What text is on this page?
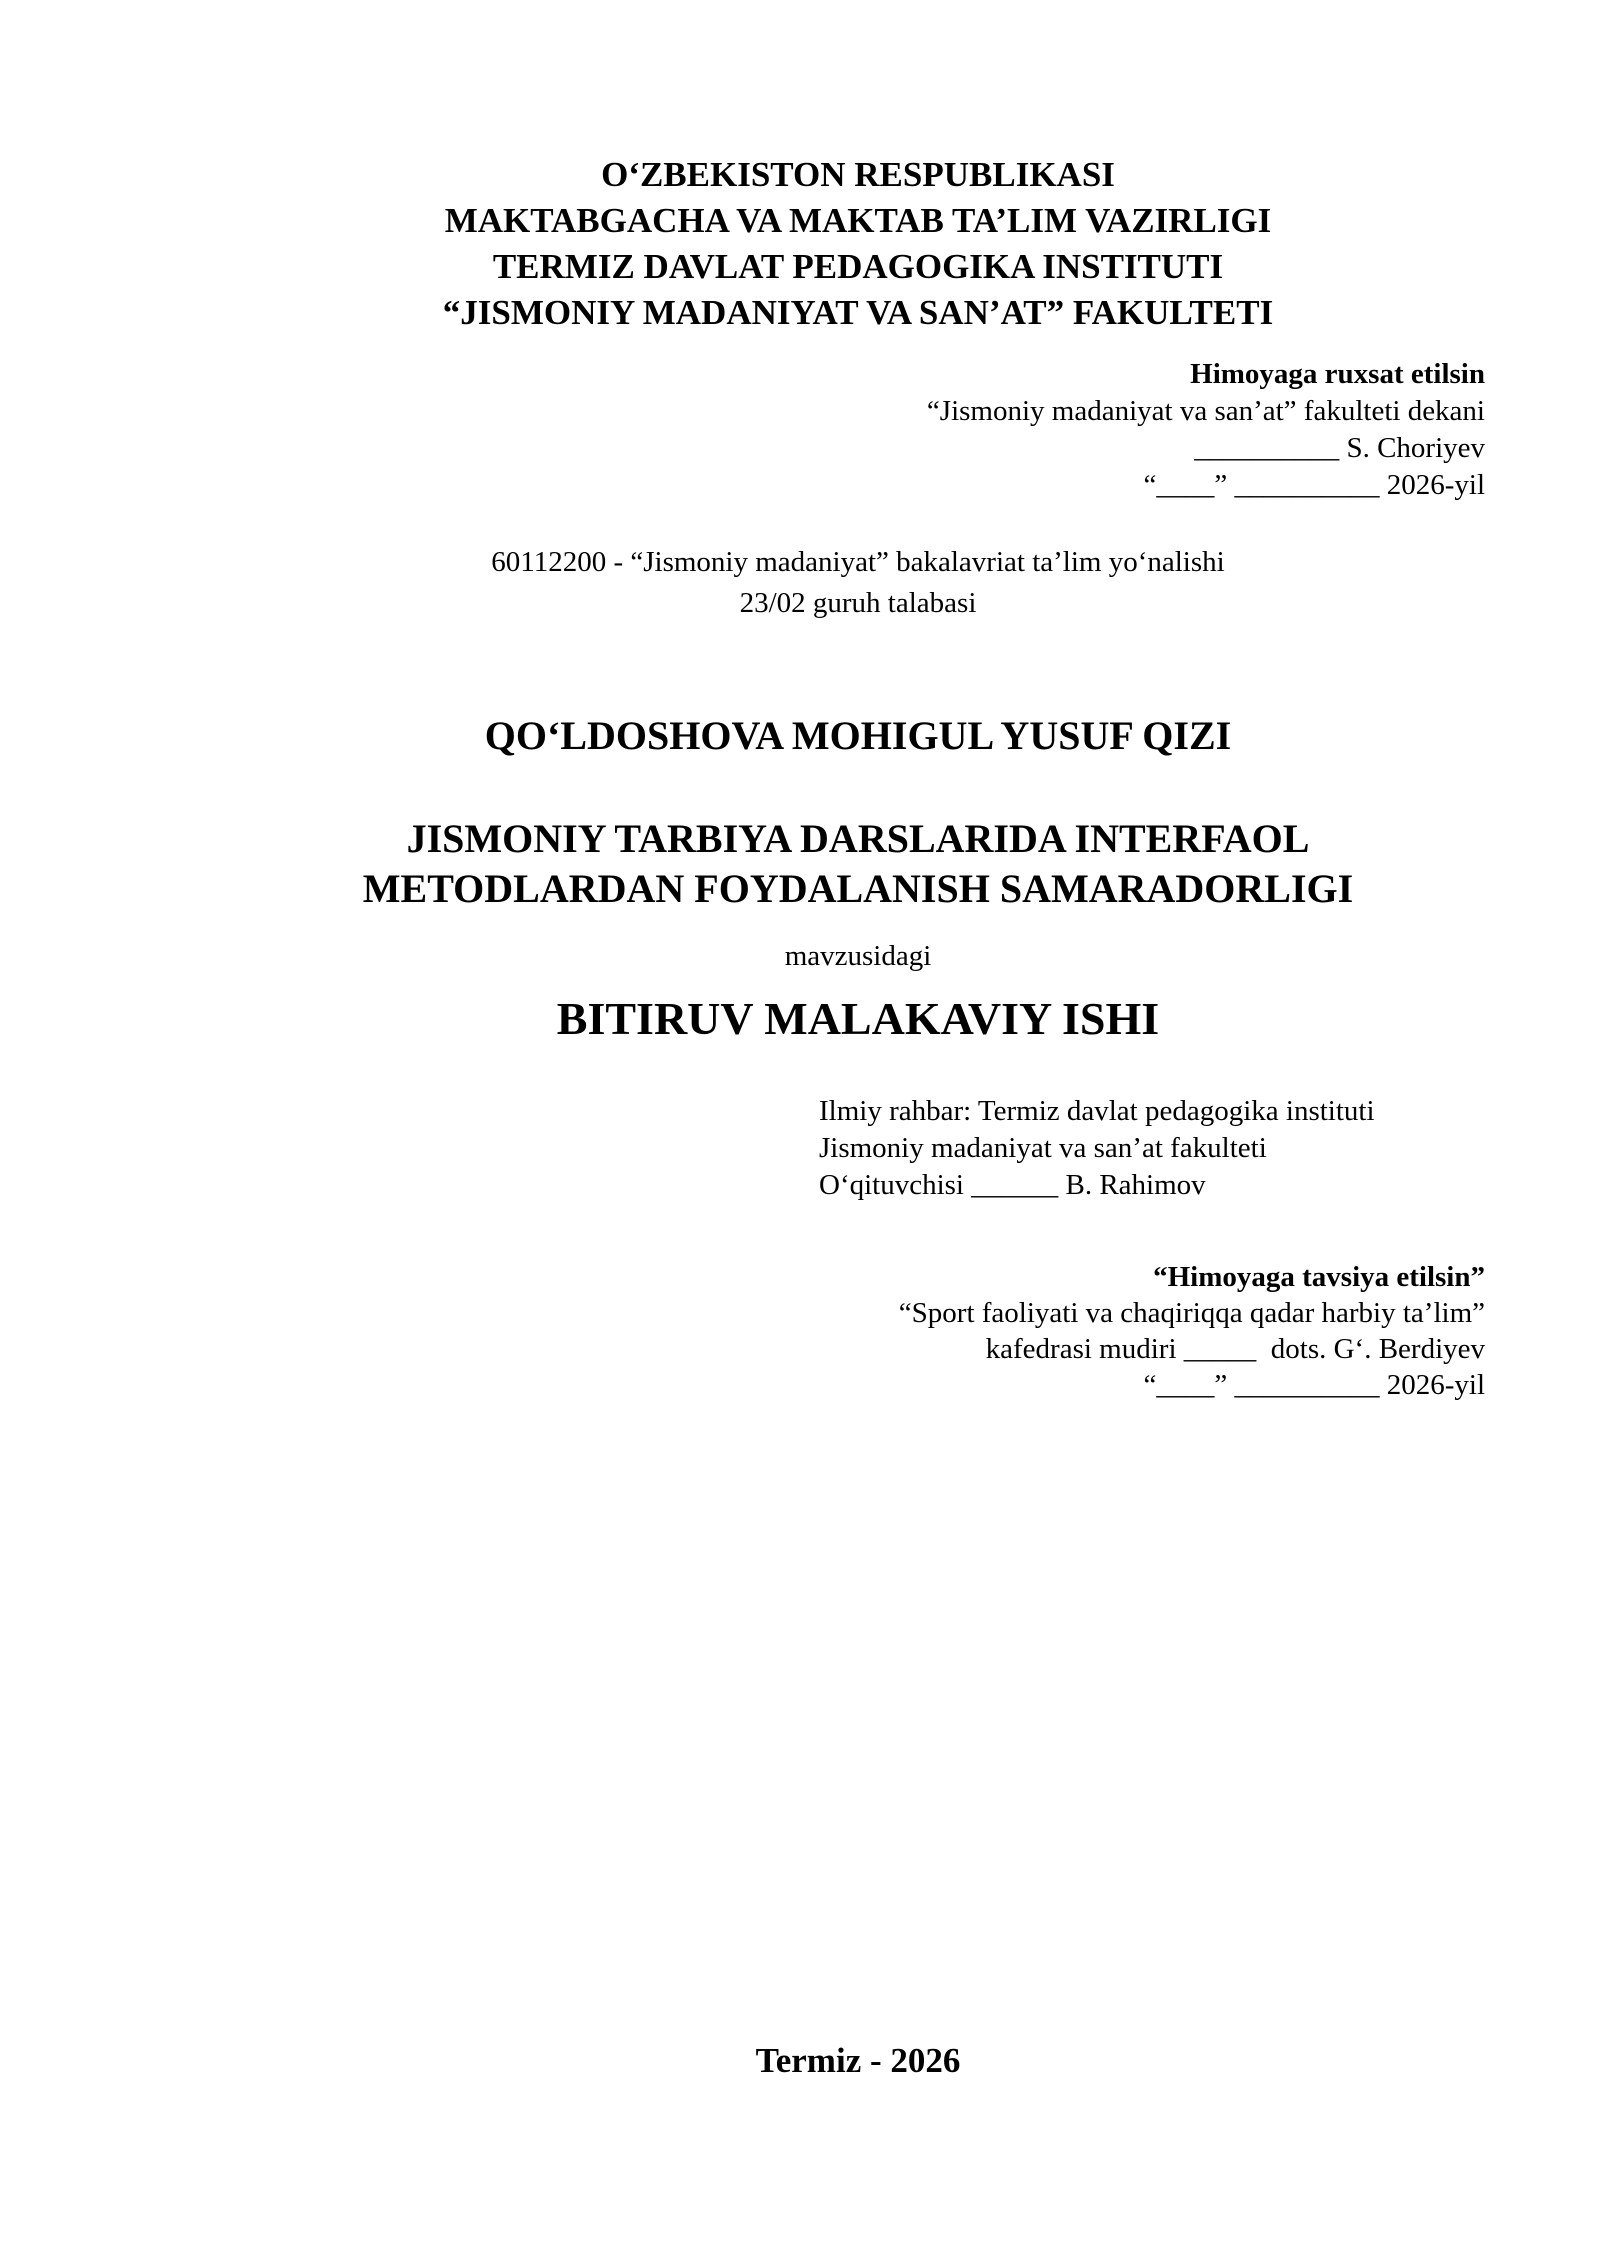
O‘ZBEKISTON RESPUBLIKASI
MAKTABGACHA VA MAKTAB TA’LIM VAZIRLIGI
TERMIZ DAVLAT PEDAGOGIKA INSTITUTI
“JISMONIY MADANIYAT VA SAN’AT” FAKULTETI
Himoyaga ruxsat etilsin
“Jismoniy madaniyat va san’at” fakulteti dekani
__________ S. Choriyev
“____” __________ 2026-yil
60112200 - “Jismoniy madaniyat” bakalavriat ta’lim yo‘nalishi
23/02 guruh talabasi
QO‘LDOSHOVA MOHIGUL YUSUF QIZI
JISMONIY TARBIYA DARSLARIDA INTERFAOL
METODLARDAN FOYDALANISH SAMARADORLIGI
mavzusidagi
BITIRUV MALAKAVIY ISHI
Ilmiy rahbar: Termiz davlat pedagogika instituti
Jismoniy madaniyat va san’at fakulteti
O‘qituvchisi ______ B. Rahimov
“Himoyaga tavsiya etilsin”
“Sport faoliyati va chaqiriqqa qadar harbiy ta’lim”
kafedrasi mudiri _____  dots. G‘. Berdiyev
“____” __________ 2026-yil
Termiz - 2026
